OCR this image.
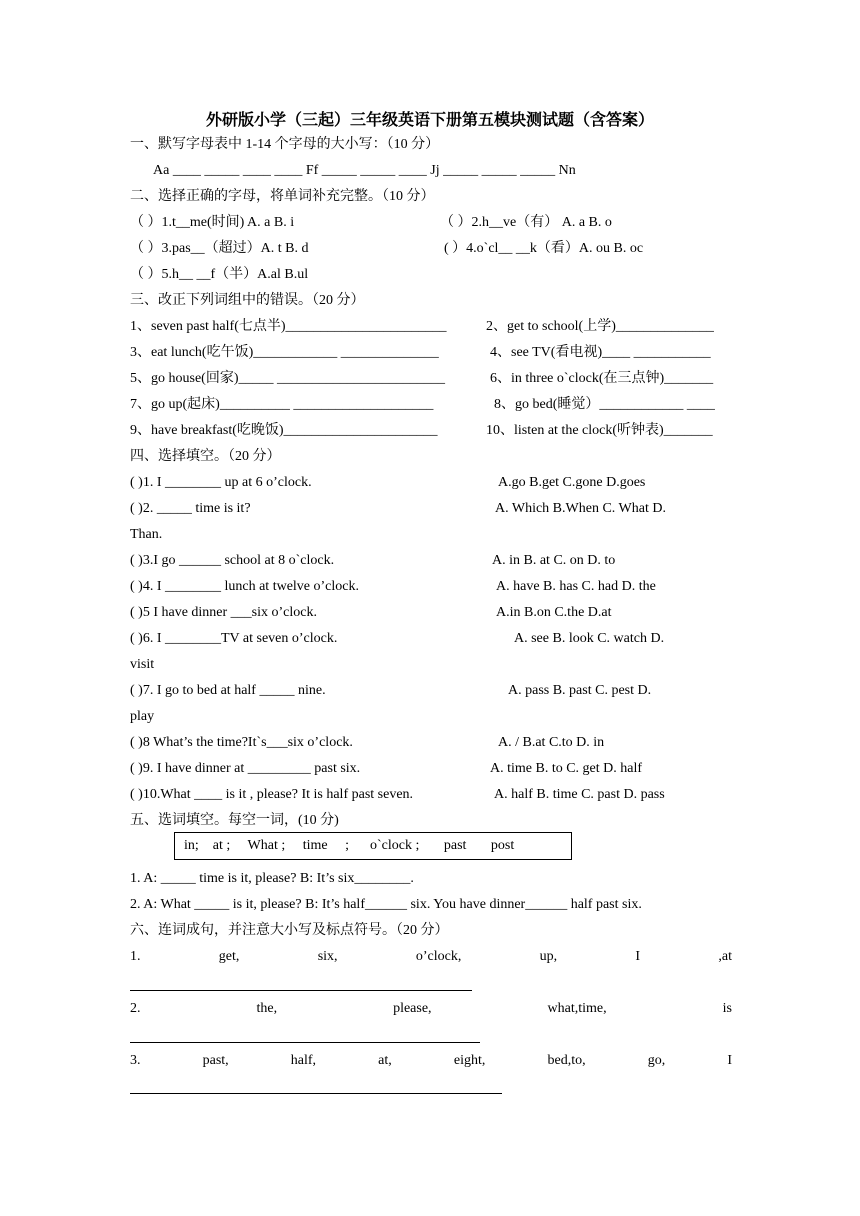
外研版小学（三起）三年级英语下册第五模块测试题（含答案）
一、默写字母表中 1-14 个字母的大小写：（10 分）
Aa ____ _____ ____ ____ Ff _____ _____ ____ Jj _____ _____ _____ Nn
二、选择正确的字母，将单词补充完整。（10 分）
（ ）1.t__me(时间) A. a B. i	（ ）2.h__ve（有） A. a B. o
（ ）3.pas__（超过）A. t B. d	( ）4.o`cl__ __k（看）A. ou B. oc
（ ）5.h__ __f（半）A.al B.ul
三、改正下列词组中的错误。（20 分）
1、seven past half(七点半)_______________________	2、get to school(上学)______________
3、eat lunch(吃午饭)____________ ______________	4、see TV(看电视)____ ___________
5、go house(回家)_____ ________________________	6、in three o`clock(在三点钟)_______
7、go up(起床)__________ ____________________	8、go bed(睡觉）____________ ____
9、have breakfast(吃晚饭)______________________	10、listen at the clock(听钟表)_______
四、选择填空。（20 分）
( )1. I ________ up at 6 o’clock.	A.go B.get C.gone D.goes
( )2. _____ time is it?	A. Which B.When C. What D.
Than.
( )3.I go ______ school at 8 o`clock.	A. in B. at C. on D. to
( )4. I ________ lunch at twelve o’clock.	A. have B. has C. had D. the
( )5 I have dinner ___six o’clock.	A.in B.on C.the D.at
( )6. I ________TV at seven o’clock.	A. see B. look C. watch D.
visit
( )7. I go to bed at half _____ nine.	A. pass B. past C. pest D.
play
( )8 What’s the time?It`s___six o’clock.	A. / B.at C.to D. in
( )9. I have dinner at _________ past six.	A. time B. to C. get D. half
( )10.What ____ is it , please? It is half past seven.	A. half B. time C. past D. pass
五、选词填空。每空一词，(10 分)
in;    at ;     What ;     time     ;      o`clock ;       past       post
1. A: _____ time is it, please? B: It’s six________.
2. A: What _____ is it, please? B: It’s half______ six. You have dinner______ half past six.
六、连词成句，并注意大小写及标点符号。（20 分）
1.	get,	six,	o’clock,	up,	I	,at
2.	the,	please,	what,time,	is
3.	past,	half,	at,	eight,	bed,to,	go,	I
